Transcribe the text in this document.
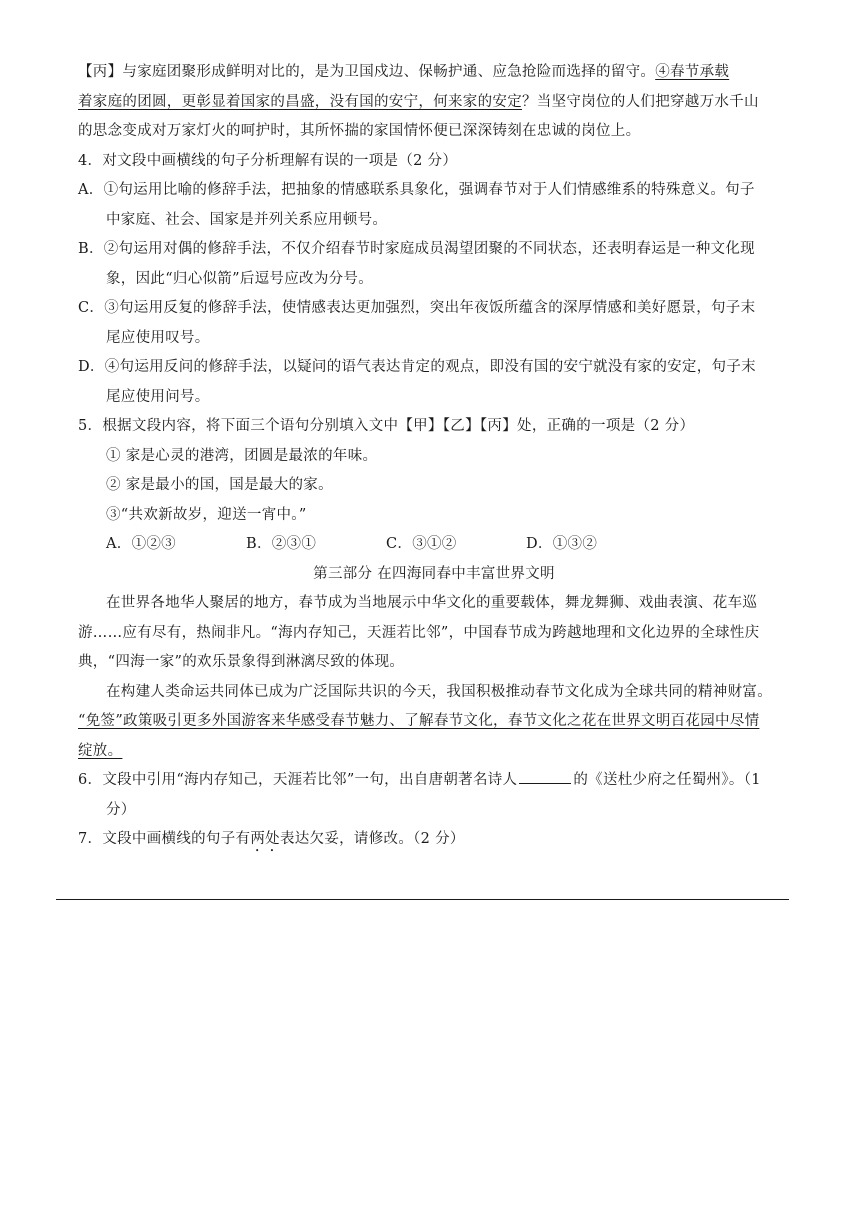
【丙】与家庭团聚形成鲜明对比的，是为卫国戍边、保畅护通、应急抢险而选择的留守。④春节承载
着家庭的团圆，更彰显着国家的昌盛，没有国的安宁，何来家的安定？当坚守岗位的人们把穿越万水千山
的思念变成对万家灯火的呵护时，其所怀揣的家国情怀便已深深铸刻在忠诚的岗位上。
4．对文段中画横线的句子分析理解有误的一项是（2 分）
A．①句运用比喻的修辞手法，把抽象的情感联系具象化，强调春节对于人们情感维系的特殊意义。句子
中家庭、社会、国家是并列关系应用顿号。
B．②句运用对偶的修辞手法，不仅介绍春节时家庭成员渴望团聚的不同状态，还表明春运是一种文化现
象，因此“归心似箭”后逗号应改为分号。
C．③句运用反复的修辞手法，使情感表达更加强烈，突出年夜饭所蕴含的深厚情感和美好愿景，句子末
尾应使用叹号。
D．④句运用反问的修辞手法，以疑问的语气表达肯定的观点，即没有国的安宁就没有家的安定，句子末
尾应使用问号。
5．根据文段内容，将下面三个语句分别填入文中【甲】【乙】【丙】处，正确的一项是（2 分）
① 家是心灵的港湾，团圆是最浓的年味。
② 家是最小的国，国是最大的家。
③“共欢新故岁，迎送一宵中。”
A．①②③	B．②③①	C．③①②	D．①③②
第三部分 在四海同春中丰富世界文明
在世界各地华人聚居的地方，春节成为当地展示中华文化的重要载体，舞龙舞狮、戏曲表演、花车巡
游……应有尽有，热闹非凡。“海内存知己，天涯若比邻”，中国春节成为跨越地理和文化边界的全球性庆
典，“四海一家”的欢乐景象得到淋漓尽致的体现。
在构建人类命运共同体已成为广泛国际共识的今天，我国积极推动春节文化成为全球共同的精神财富。
“免签”政策吸引更多外国游客来华感受春节魅力、了解春节文化，春节文化之花在世界文明百花园中尽情
绽放。
6．文段中引用“海内存知己，天涯若比邻”一句，出自唐朝著名诗人	的《送杜少府之任蜀州》。（1
分）
7．文段中画横线的句子有两处表达欠妥，请修改。（2 分）
